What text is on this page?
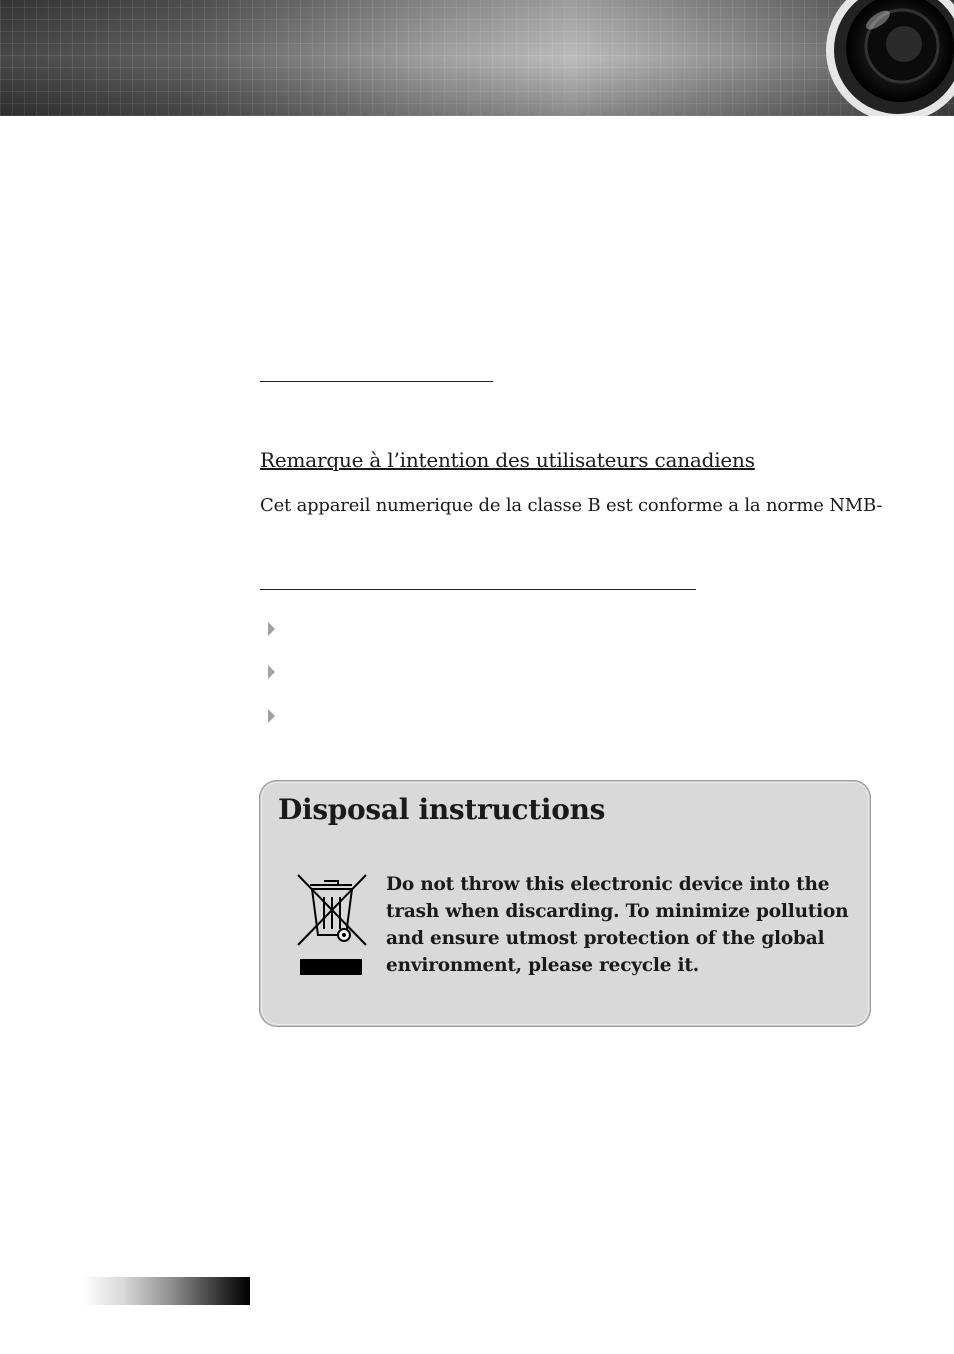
Remarque à l’intention des utilisateurs canadiens

Cet appareil numerique de la classe B est conforme a la norme NMB-

Disposal instructions

Do not throw this electronic device into the trash when discarding. To minimize pollution and ensure utmost protection of the global environment, please recycle it.
